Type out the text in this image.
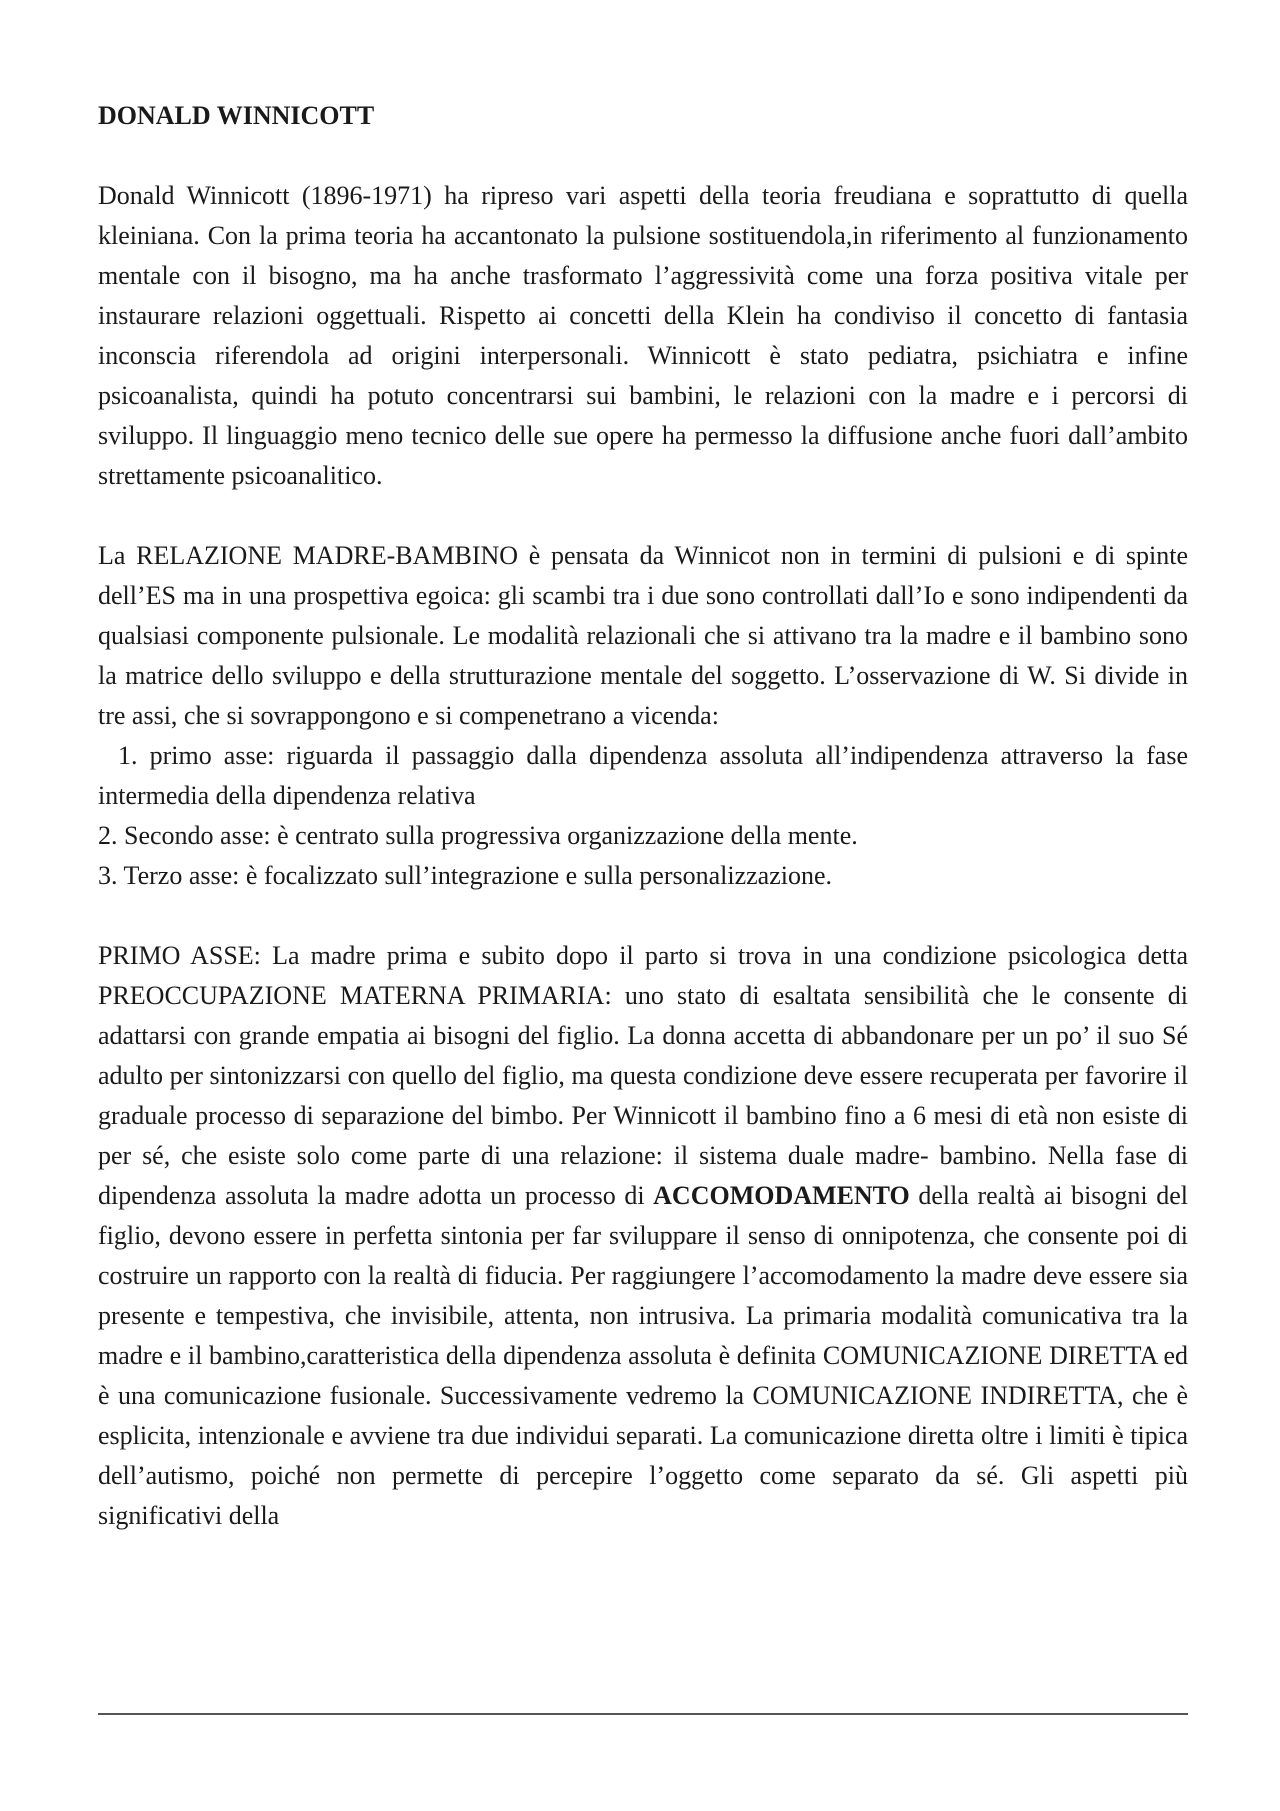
DONALD WINNICOTT

Donald Winnicott (1896-1971) ha ripreso vari aspetti della teoria freudiana e soprattutto di quella kleiniana. Con la prima teoria ha accantonato la pulsione sostituendola,in riferimento al funzionamento mentale con il bisogno, ma ha anche trasformato l’aggressività come una forza positiva vitale per instaurare relazioni oggettuali. Rispetto ai concetti della Klein ha condiviso il concetto di fantasia inconscia riferendola ad origini interpersonali. Winnicott è stato pediatra, psichiatra e infine psicoanalista, quindi ha potuto concentrarsi sui bambini, le relazioni con la madre e i percorsi di sviluppo. Il linguaggio meno tecnico delle sue opere ha permesso la diffusione anche fuori dall’ambito strettamente psicoanalitico.

La RELAZIONE MADRE-BAMBINO è pensata da Winnicot non in termini di pulsioni e di spinte dell’ES ma in una prospettiva egoica: gli scambi tra i due sono controllati dall’Io e sono indipendenti da qualsiasi componente pulsionale. Le modalità relazionali che si attivano tra la madre e il bambino sono la matrice dello sviluppo e della strutturazione mentale del soggetto. L’osservazione di W. Si divide in tre assi, che si sovrappongono e si compenetrano a vicenda:

1. primo asse: riguarda il passaggio dalla dipendenza assoluta all’indipendenza attraverso la fase intermedia della dipendenza relativa

2. Secondo asse: è centrato sulla progressiva organizzazione della mente.

3. Terzo asse: è focalizzato sull’integrazione e sulla personalizzazione.

PRIMO ASSE: La madre prima e subito dopo il parto si trova in una condizione psicologica detta PREOCCUPAZIONE MATERNA PRIMARIA: uno stato di esaltata sensibilità che le consente di adattarsi con grande empatia ai bisogni del figlio. La donna accetta di abbandonare per un po’ il suo Sé adulto per sintonizzarsi con quello del figlio, ma questa condizione deve essere recuperata per favorire il graduale processo di separazione del bimbo. Per Winnicott il bambino fino a 6 mesi di età non esiste di per sé, che esiste solo come parte di una relazione: il sistema duale madre- bambino. Nella fase di dipendenza assoluta la madre adotta un processo di ACCOMODAMENTO della realtà ai bisogni del figlio, devono essere in perfetta sintonia per far sviluppare il senso di onnipotenza, che consente poi di costruire un rapporto con la realtà di fiducia. Per raggiungere l’accomodamento la madre deve essere sia presente e tempestiva, che invisibile, attenta, non intrusiva. La primaria modalità comunicativa tra la madre e il bambino,caratteristica della dipendenza assoluta è definita COMUNICAZIONE DIRETTA ed è una comunicazione fusionale. Successivamente vedremo la COMUNICAZIONE INDIRETTA, che è esplicita, intenzionale e avviene tra due individui separati. La comunicazione diretta oltre i limiti è tipica dell’autismo, poiché non permette di percepire l’oggetto come separato da sé. Gli aspetti più significativi della
